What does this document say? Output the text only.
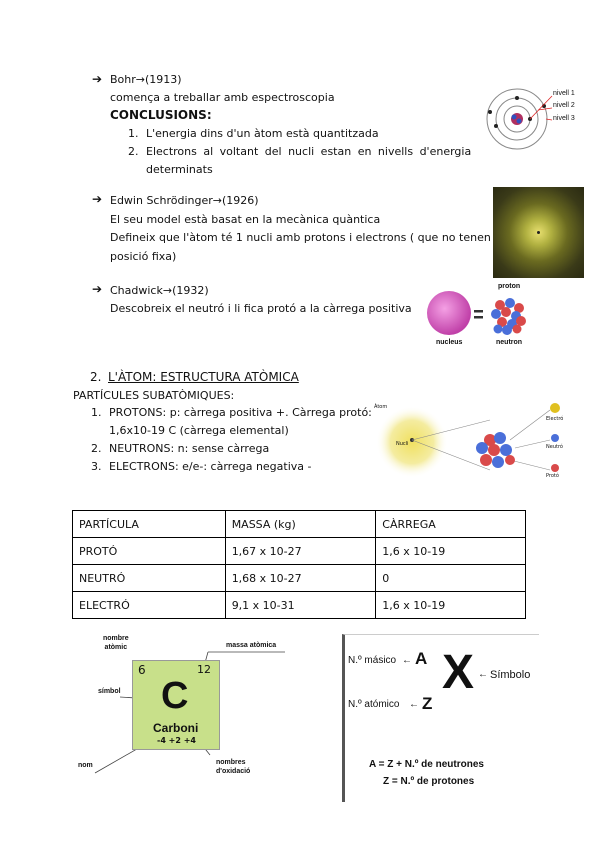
➔ Bohr→(1913)
comença a treballar amb espectroscopia
CONCLUSIONS:
1. L'energia dins d'un àtom està quantitzada
2. Electrons al voltant del nucli estan en nivells d'energia
determinats
nivell 1
nivell 2
nivell 3
➔ Edwin Schrödinger→(1926)
El seu model està basat en la mecànica quàntica
Defineix que l'àtom té 1 nucli amb protons i electrons ( que no tenen
posició fixa)
➔ Chadwick→(1932)
Descobreix el neutró i li fica protó a la càrrega positiva
proton
nucleus	neutron
2. L'ÀTOM: ESTRUCTURA ATÒMICA
PARTÍCULES SUBATÒMIQUES:
1. PROTONS: p: càrrega positiva +. Càrrega protó:
1,6x10-19 C (càrrega elemental)
2. NEUTRONS: n: sense càrrega
3. ELECTRONS: e/e-: càrrega negativa -
Àtom
Nucli
Electró
Neutró
Protó
PARTÍCULA	MASSA (kg)	CÀRREGA
PROTÓ	1,67 x 10-27	1,6 x 10-19
NEUTRÓ	1,68 x 10-27	0
ELECTRÓ	9,1 x 10-31	1,6 x 10-19
6	12
C
Carboni
-4 +2 +4
nombre
atòmic	massa atòmica
símbol
nom	nombres
d'oxidació
N.º másico ← A X ← Símbolo
N.º atómico ← Z
A = Z + N.º de neutrones
Z = N.º de protones
